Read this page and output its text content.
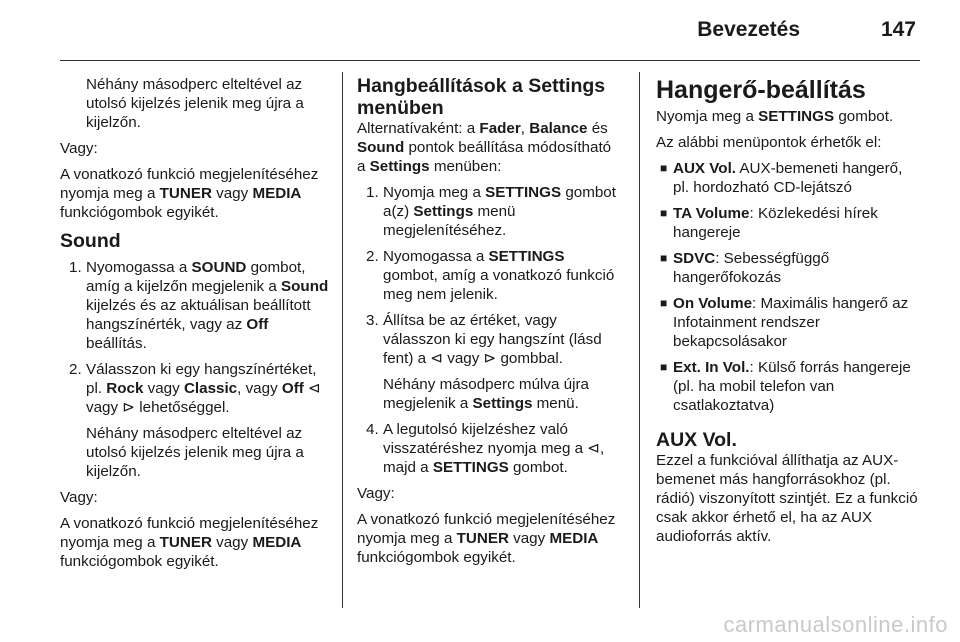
Bevezetés	147

Néhány másodperc elteltével az utolsó kijelzés jelenik meg újra a kijelzőn.

Vagy:

A vonatkozó funkció megjelenítéséhez nyomja meg a TUNER vagy MEDIA funkciógombok egyikét.

Sound
1. Nyomogassa a SOUND gombot, amíg a kijelzőn megjelenik a Sound kijelzés és az aktuálisan beállított hangszínérték, vagy az Off beállítás.
2. Válasszon ki egy hangszínértéket, pl. Rock vagy Classic, vagy Off ⊲ vagy ⊳ lehetőséggel.
Néhány másodperc elteltével az utolsó kijelzés jelenik meg újra a kijelzőn.

Vagy:

A vonatkozó funkció megjelenítéséhez nyomja meg a TUNER vagy MEDIA funkciógombok egyikét.

Hangbeállítások a Settings menüben

Alternatívaként: a Fader, Balance és Sound pontok beállítása módosítható a Settings menüben:

1. Nyomja meg a SETTINGS gombot a(z) Settings menü megjelenítéséhez.
2. Nyomogassa a SETTINGS gombot, amíg a vonatkozó funkció meg nem jelenik.
3. Állítsa be az értéket, vagy válasszon ki egy hangszínt (lásd fent) a ⊲ vagy ⊳ gombbal.
Néhány másodperc múlva újra megjelenik a Settings menü.
4. A legutolsó kijelzéshez való visszatéréshez nyomja meg a ⊲, majd a SETTINGS gombot.

Vagy:

A vonatkozó funkció megjelenítéséhez nyomja meg a TUNER vagy MEDIA funkciógombok egyikét.

Hangerő-beállítás

Nyomja meg a SETTINGS gombot.

Az alábbi menüpontok érhetők el:

■ AUX Vol. AUX-bemeneti hangerő, pl. hordozható CD-lejátszó
■ TA Volume: Közlekedési hírek hangereje
■ SDVC: Sebességfüggő hangerőfokozás
■ On Volume: Maximális hangerő az Infotainment rendszer bekapcsolásakor
■ Ext. In Vol.: Külső forrás hangereje (pl. ha mobil telefon van csatlakoztatva)
AUX Vol.

Ezzel a funkcióval állíthatja az AUX-bemenet más hangforrásokhoz (pl. rádió) viszonyított szintjét. Ez a funkció csak akkor érhető el, ha az AUX audioforrás aktív.

carmanualsonline.info
